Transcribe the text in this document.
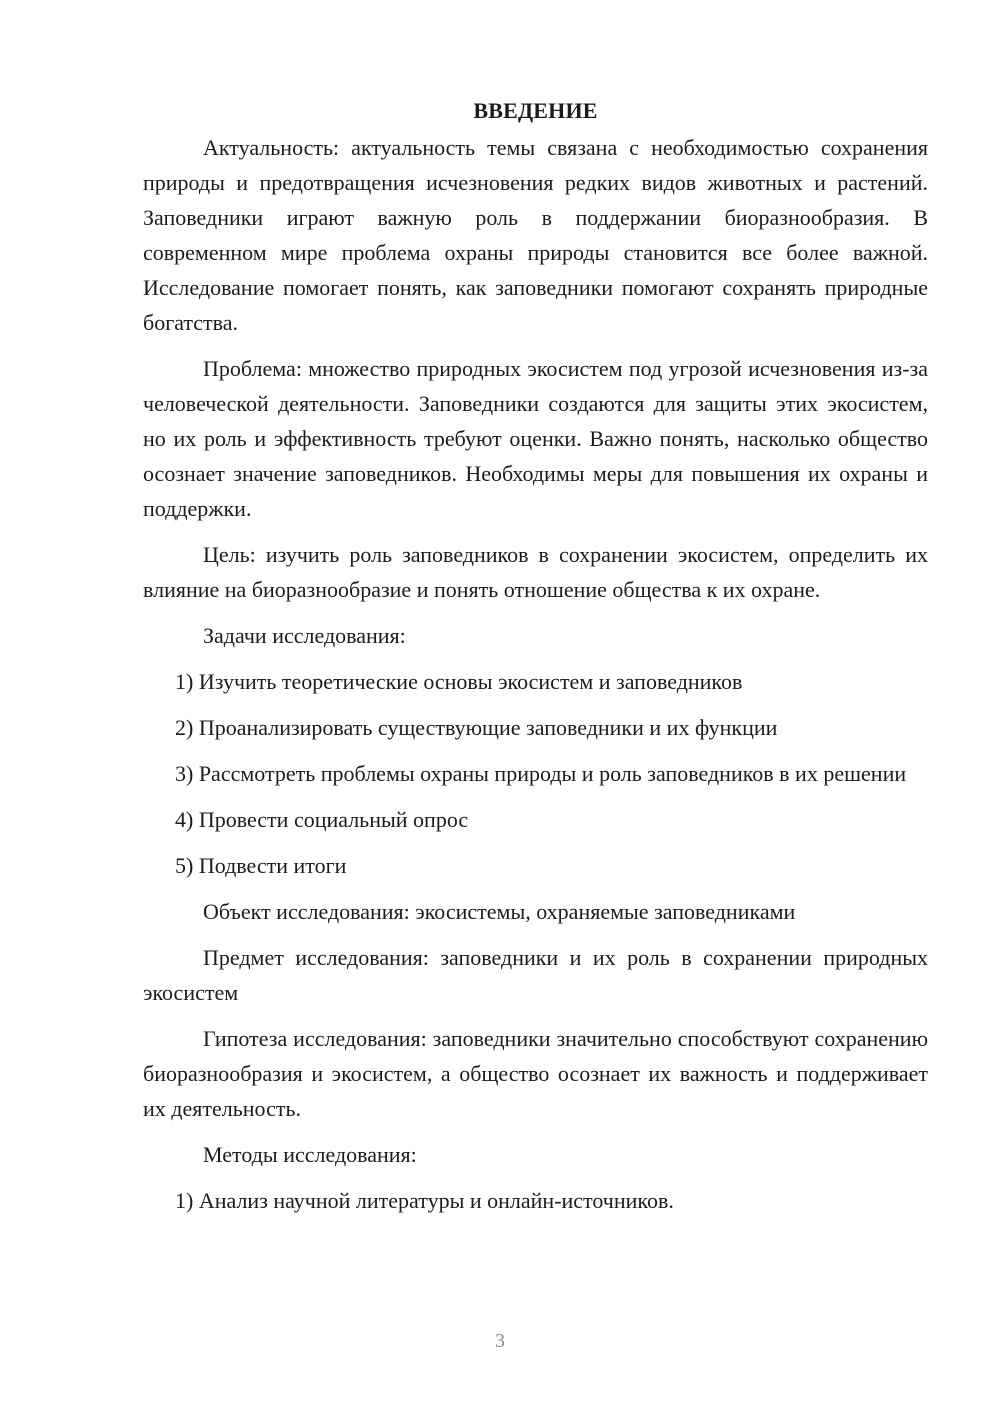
ВВЕДЕНИЕ

Актуальность: актуальность темы связана с необходимостью сохранения природы и предотвращения исчезновения редких видов животных и растений. Заповедники играют важную роль в поддержании биоразнообразия. В современном мире проблема охраны природы становится все более важной. Исследование помогает понять, как заповедники помогают сохранять природные богатства.

Проблема: множество природных экосистем под угрозой исчезновения из-за человеческой деятельности. Заповедники создаются для защиты этих экосистем, но их роль и эффективность требуют оценки. Важно понять, насколько общество осознает значение заповедников. Необходимы меры для повышения их охраны и поддержки.

Цель: изучить роль заповедников в сохранении экосистем, определить их влияние на биоразнообразие и понять отношение общества к их охране.

Задачи исследования:

1) Изучить теоретические основы экосистем и заповедников

2) Проанализировать существующие заповедники и их функции

3) Рассмотреть проблемы охраны природы и роль заповедников в их решении

4) Провести социальный опрос

5) Подвести итоги

Объект исследования: экосистемы, охраняемые заповедниками

Предмет исследования: заповедники и их роль в сохранении природных экосистем

Гипотеза исследования: заповедники значительно способствуют сохранению биоразнообразия и экосистем, а общество осознает их важность и поддерживает их деятельность.

Методы исследования:

1) Анализ научной литературы и онлайн-источников.

3
